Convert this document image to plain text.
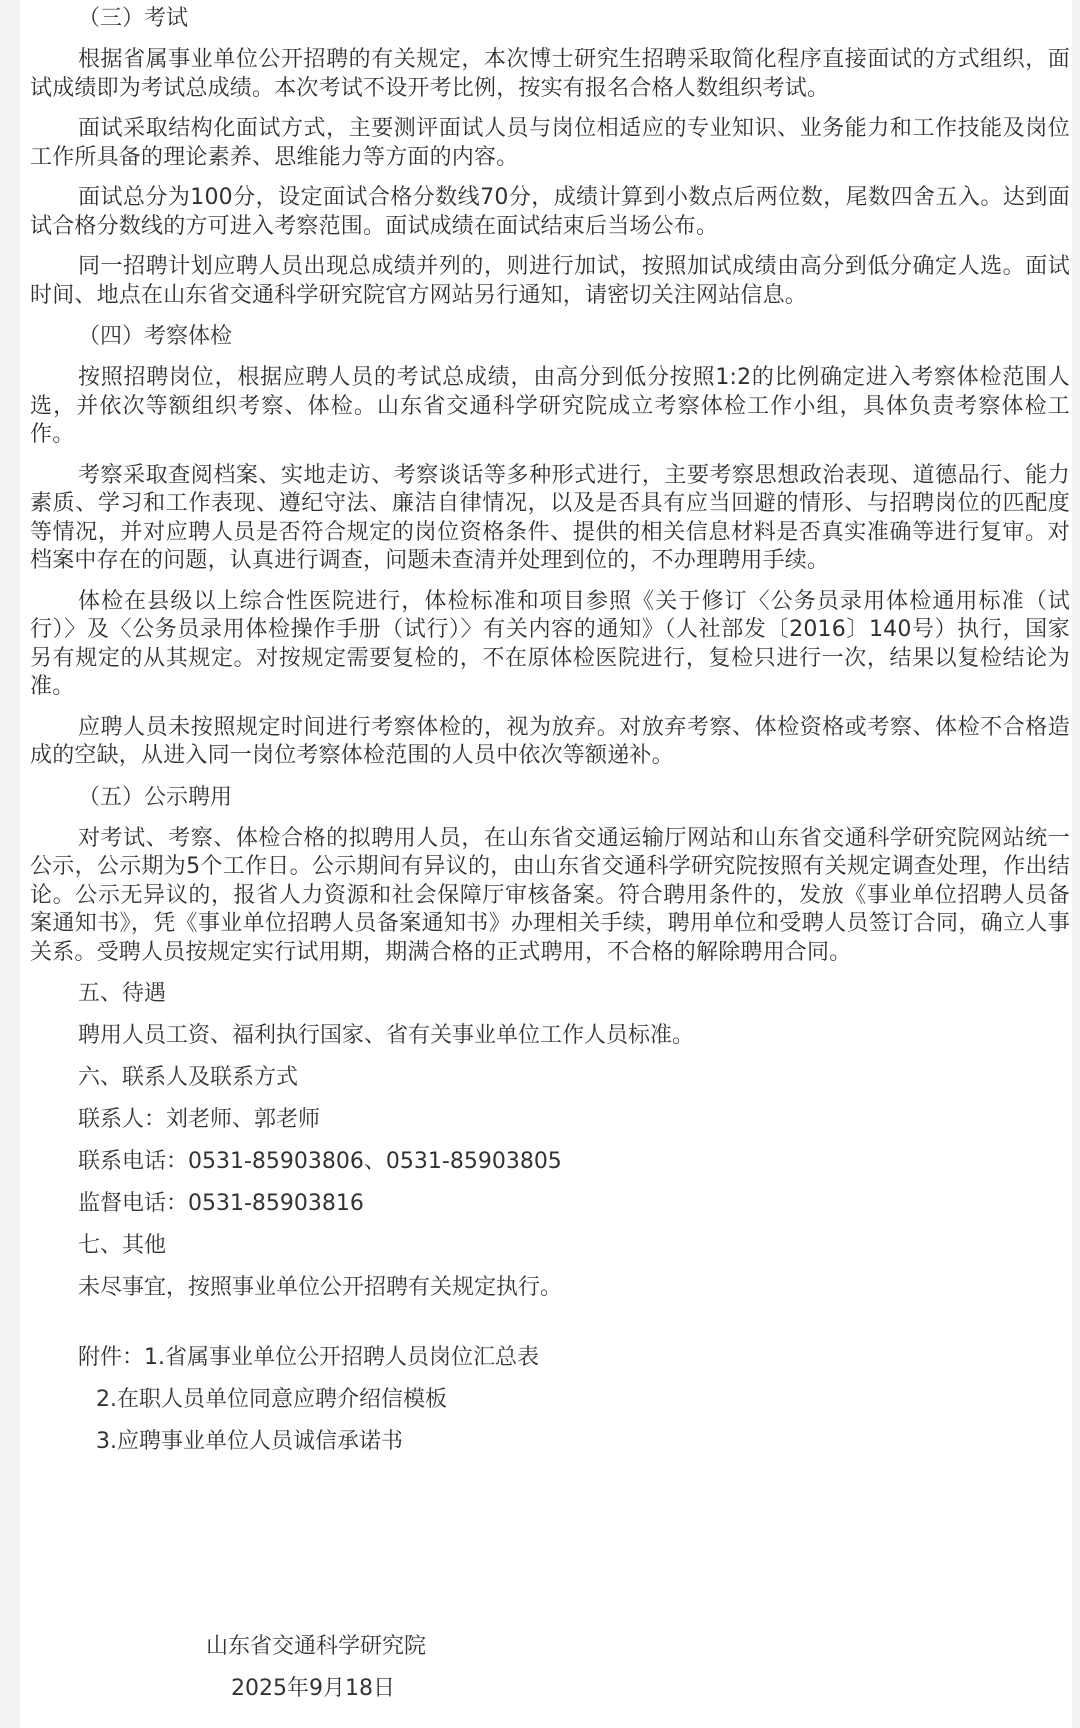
（三）考试

根据省属事业单位公开招聘的有关规定，本次博士研究生招聘采取简化程序直接面试的方式组织，面试成绩即为考试总成绩。本次考试不设开考比例，按实有报名合格人数组织考试。

面试采取结构化面试方式，主要测评面试人员与岗位相适应的专业知识、业务能力和工作技能及岗位工作所具备的理论素养、思维能力等方面的内容。

面试总分为100分，设定面试合格分数线70分，成绩计算到小数点后两位数，尾数四舍五入。达到面试合格分数线的方可进入考察范围。面试成绩在面试结束后当场公布。

同一招聘计划应聘人员出现总成绩并列的，则进行加试，按照加试成绩由高分到低分确定人选。面试时间、地点在山东省交通科学研究院官方网站另行通知，请密切关注网站信息。

（四）考察体检

按照招聘岗位，根据应聘人员的考试总成绩，由高分到低分按照1:2的比例确定进入考察体检范围人选，并依次等额组织考察、体检。山东省交通科学研究院成立考察体检工作小组，具体负责考察体检工作。

考察采取查阅档案、实地走访、考察谈话等多种形式进行，主要考察思想政治表现、道德品行、能力素质、学习和工作表现、遵纪守法、廉洁自律情况，以及是否具有应当回避的情形、与招聘岗位的匹配度等情况，并对应聘人员是否符合规定的岗位资格条件、提供的相关信息材料是否真实准确等进行复审。对档案中存在的问题，认真进行调查，问题未查清并处理到位的，不办理聘用手续。

体检在县级以上综合性医院进行，体检标准和项目参照《关于修订〈公务员录用体检通用标准（试行）〉及〈公务员录用体检操作手册（试行）〉有关内容的通知》（人社部发〔2016〕140号）执行，国家另有规定的从其规定。对按规定需要复检的，不在原体检医院进行，复检只进行一次，结果以复检结论为准。

应聘人员未按照规定时间进行考察体检的，视为放弃。对放弃考察、体检资格或考察、体检不合格造成的空缺，从进入同一岗位考察体检范围的人员中依次等额递补。

（五）公示聘用

对考试、考察、体检合格的拟聘用人员，在山东省交通运输厅网站和山东省交通科学研究院网站统一公示，公示期为5个工作日。公示期间有异议的，由山东省交通科学研究院按照有关规定调查处理，作出结论。公示无异议的，报省人力资源和社会保障厅审核备案。符合聘用条件的，发放《事业单位招聘人员备案通知书》，凭《事业单位招聘人员备案通知书》办理相关手续，聘用单位和受聘人员签订合同，确立人事关系。受聘人员按规定实行试用期，期满合格的正式聘用，不合格的解除聘用合同。

五、待遇

聘用人员工资、福利执行国家、省有关事业单位工作人员标准。

六、联系人及联系方式

联系人：刘老师、郭老师

联系电话：0531-85903806、0531-85903805

监督电话：0531-85903816

七、其他

未尽事宜，按照事业单位公开招聘有关规定执行。

附件：1.省属事业单位公开招聘人员岗位汇总表

2.在职人员单位同意应聘介绍信模板

3.应聘事业单位人员诚信承诺书

山东省交通科学研究院

2025年9月18日
